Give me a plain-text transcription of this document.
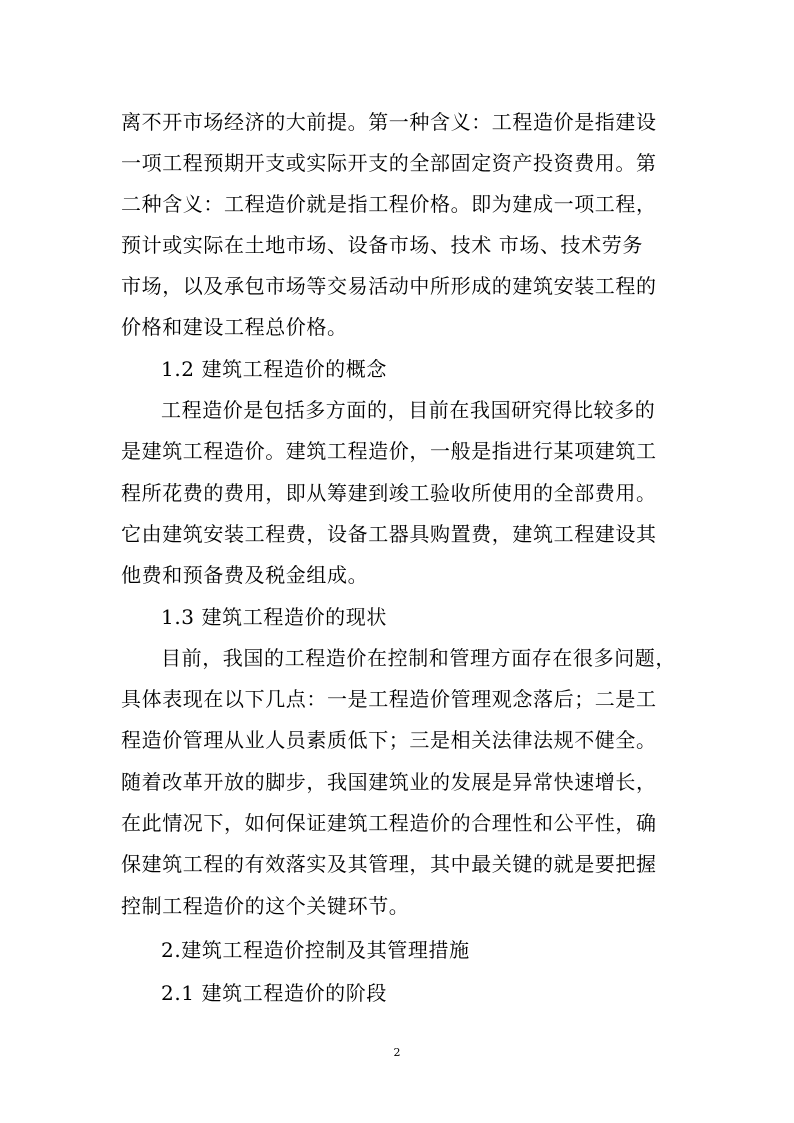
离不开市场经济的大前提。第一种含义：工程造价是指建设
一项工程预期开支或实际开支的全部固定资产投资费用。第
二种含义：工程造价就是指工程价格。即为建成一项工程，
预计或实际在土地市场、设备市场、技术 市场、技术劳务
市场，以及承包市场等交易活动中所形成的建筑安装工程的
价格和建设工程总价格。
1.2 建筑工程造价的概念
工程造价是包括多方面的，目前在我国研究得比较多的
是建筑工程造价。建筑工程造价，一般是指进行某项建筑工
程所花费的费用，即从筹建到竣工验收所使用的全部费用。
它由建筑安装工程费，设备工器具购置费，建筑工程建设其
他费和预备费及税金组成。
1.3 建筑工程造价的现状
目前，我国的工程造价在控制和管理方面存在很多问题，
具体表现在以下几点：一是工程造价管理观念落后；二是工
程造价管理从业人员素质低下；三是相关法律法规不健全。
随着改革开放的脚步，我国建筑业的发展是异常快速增长，
在此情况下，如何保证建筑工程造价的合理性和公平性，确
保建筑工程的有效落实及其管理，其中最关键的就是要把握
控制工程造价的这个关键环节。
2.建筑工程造价控制及其管理措施
2.1 建筑工程造价的阶段
2
